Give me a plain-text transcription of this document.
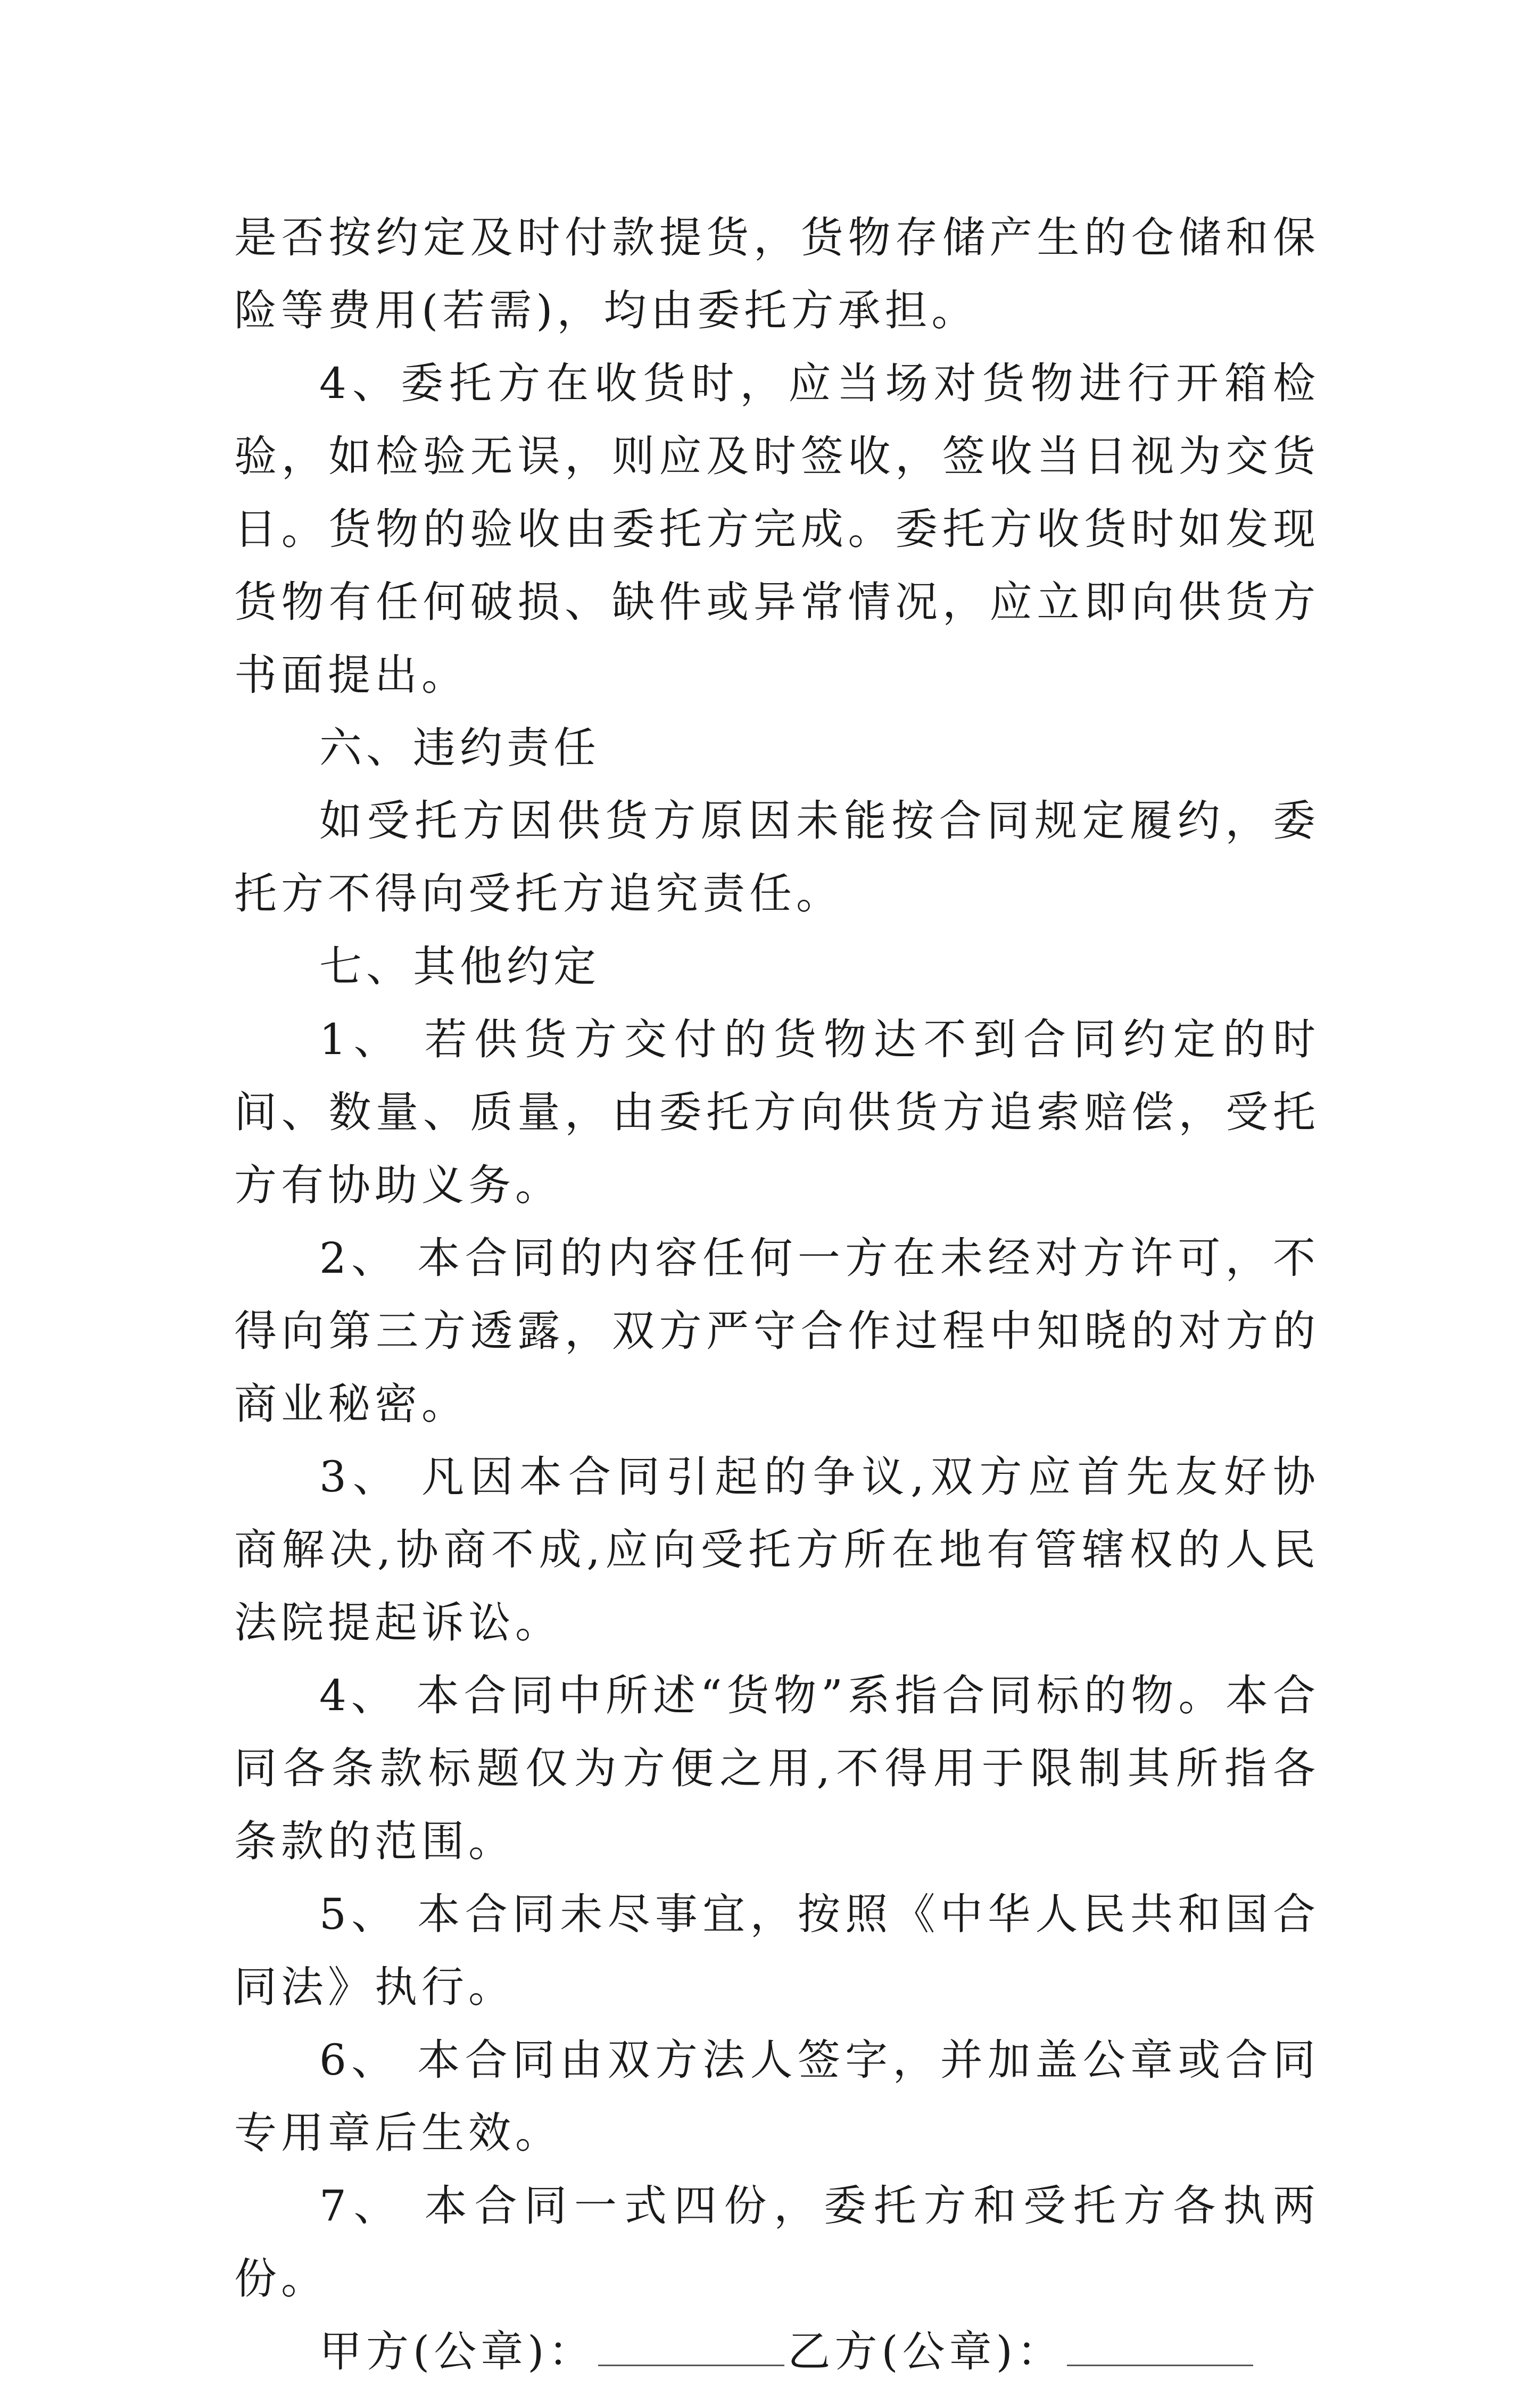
是否按约定及时付款提货，货物存储产生的仓储和保险等费用(若需)，均由委托方承担。

4、委托方在收货时，应当场对货物进行开箱检验，如检验无误，则应及时签收，签收当日视为交货日。货物的验收由委托方完成。委托方收货时如发现货物有任何破损、缺件或异常情况，应立即向供货方书面提出。

六、违约责任

如受托方因供货方原因未能按合同规定履约，委托方不得向受托方追究责任。

七、其他约定

1、 若供货方交付的货物达不到合同约定的时间、数量、质量，由委托方向供货方追索赔偿，受托方有协助义务。

2、 本合同的内容任何一方在未经对方许可，不得向第三方透露，双方严守合作过程中知晓的对方的商业秘密。

3、 凡因本合同引起的争议,双方应首先友好协商解决,协商不成,应向受托方所在地有管辖权的人民法院提起诉讼。

4、 本合同中所述“货物”系指合同标的物。本合同各条款标题仅为方便之用,不得用于限制其所指各条款的范围。

5、 本合同未尽事宜，按照《中华人民共和国合同法》执行。

6、 本合同由双方法人签字，并加盖公章或合同专用章后生效。

7、 本合同一式四份，委托方和受托方各执两份。

甲方(公章)：	乙方(公章)：
